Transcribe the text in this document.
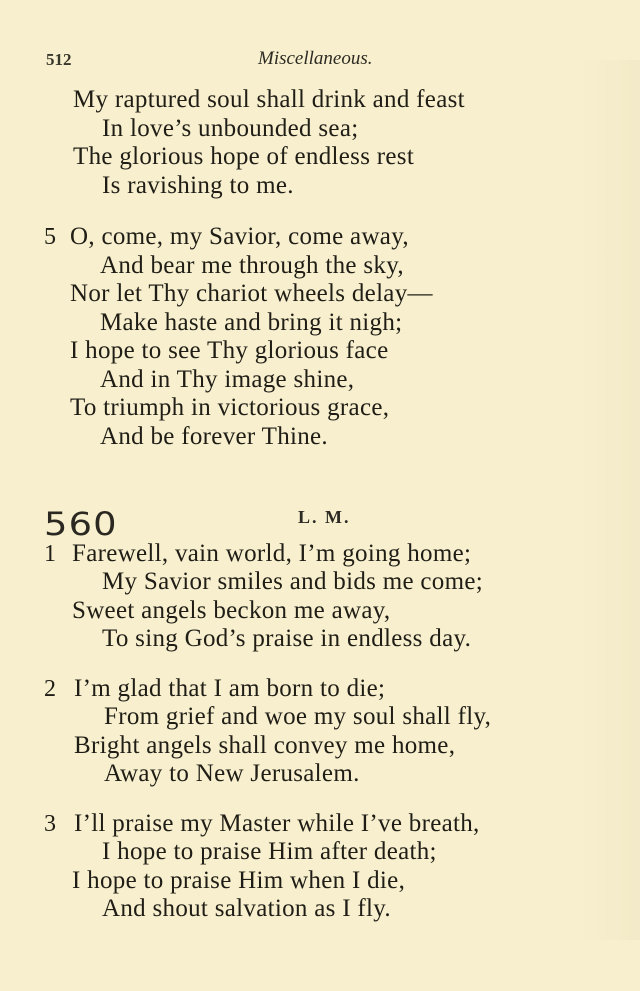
512	Miscellaneous.
My raptured soul shall drink and feast
In love’s unbounded sea;
The glorious hope of endless rest
Is ravishing to me.
5 O, come, my Savior, come away,
And bear me through the sky,
Nor let Thy chariot wheels delay—
Make haste and bring it nigh;
I hope to see Thy glorious face
And in Thy image shine,
To triumph in victorious grace,
And be forever Thine.
560	L. M.
1 Farewell, vain world, I’m going home;
My Savior smiles and bids me come;
Sweet angels beckon me away,
To sing God’s praise in endless day.
2 I’m glad that I am born to die;
From grief and woe my soul shall fly,
Bright angels shall convey me home,
Away to New Jerusalem.
3 I’ll praise my Master while I’ve breath,
I hope to praise Him after death;
I hope to praise Him when I die,
And shout salvation as I fly.
